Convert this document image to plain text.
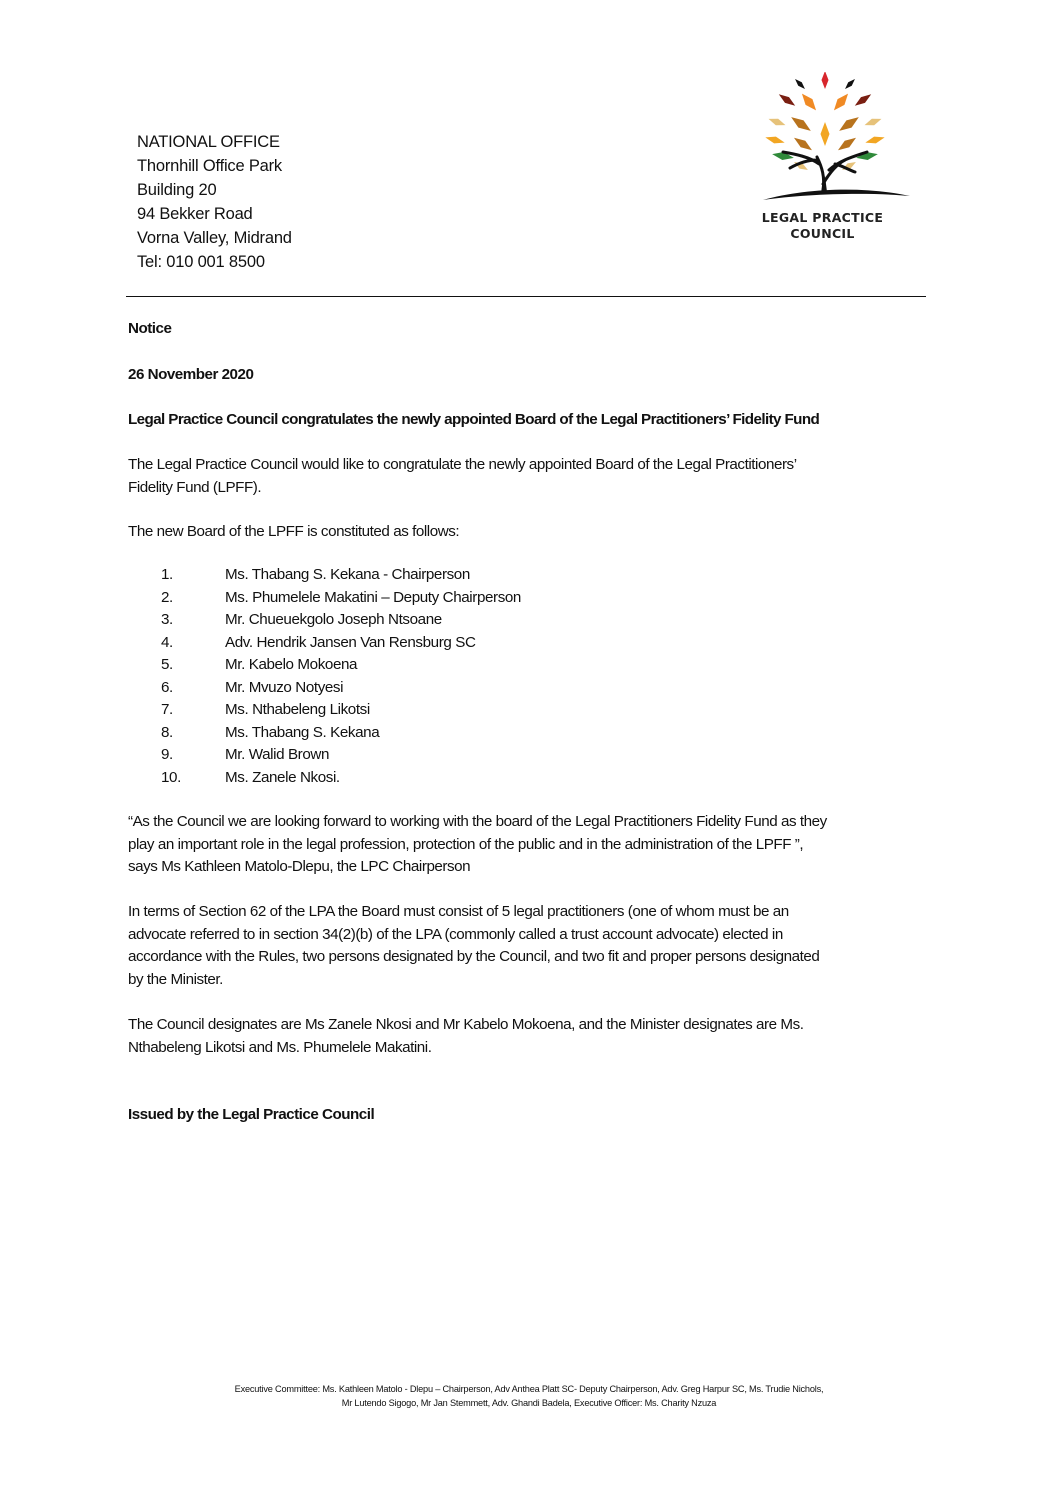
NATIONAL OFFICE
Thornhill Office Park
Building 20
94 Bekker Road
Vorna Valley, Midrand
Tel: 010 001 8500
LEGAL PRACTICE
COUNCIL
Notice
26 November 2020
Legal Practice Council congratulates the newly appointed Board of the Legal Practitioners’ Fidelity Fund
The Legal Practice Council would like to congratulate the newly appointed Board of the Legal Practitioners’
Fidelity Fund (LPFF).
The new Board of the LPFF is constituted as follows:
1.	Ms. Thabang S. Kekana - Chairperson
2.	Ms. Phumelele Makatini – Deputy Chairperson
3.	Mr. Chueuekgolo Joseph Ntsoane
4.	Adv. Hendrik Jansen Van Rensburg SC
5.	Mr. Kabelo Mokoena
6.	Mr. Mvuzo Notyesi
7.	Ms. Nthabeleng Likotsi
8.	Ms. Thabang S. Kekana
9.	Mr. Walid Brown
10.	Ms. Zanele Nkosi.
“As the Council we are looking forward to working with the board of the Legal Practitioners Fidelity Fund as they
play an important role in the legal profession, protection of the public and in the administration of the LPFF ”,
says Ms Kathleen Matolo-Dlepu, the LPC Chairperson
In terms of Section 62 of the LPA the Board must consist of 5 legal practitioners (one of whom must be an
advocate referred to in section 34(2)(b) of the LPA (commonly called a trust account advocate) elected in
accordance with the Rules, two persons designated by the Council, and two fit and proper persons designated
by the Minister.
The Council designates are Ms Zanele Nkosi and Mr Kabelo Mokoena, and the Minister designates are Ms.
Nthabeleng Likotsi and Ms. Phumelele Makatini.
Issued by the Legal Practice Council
Executive Committee: Ms. Kathleen Matolo - Dlepu – Chairperson, Adv Anthea Platt SC- Deputy Chairperson, Adv. Greg Harpur SC, Ms. Trudie Nichols,
Mr Lutendo Sigogo, Mr Jan Stemmett, Adv. Ghandi Badela, Executive Officer: Ms. Charity Nzuza
